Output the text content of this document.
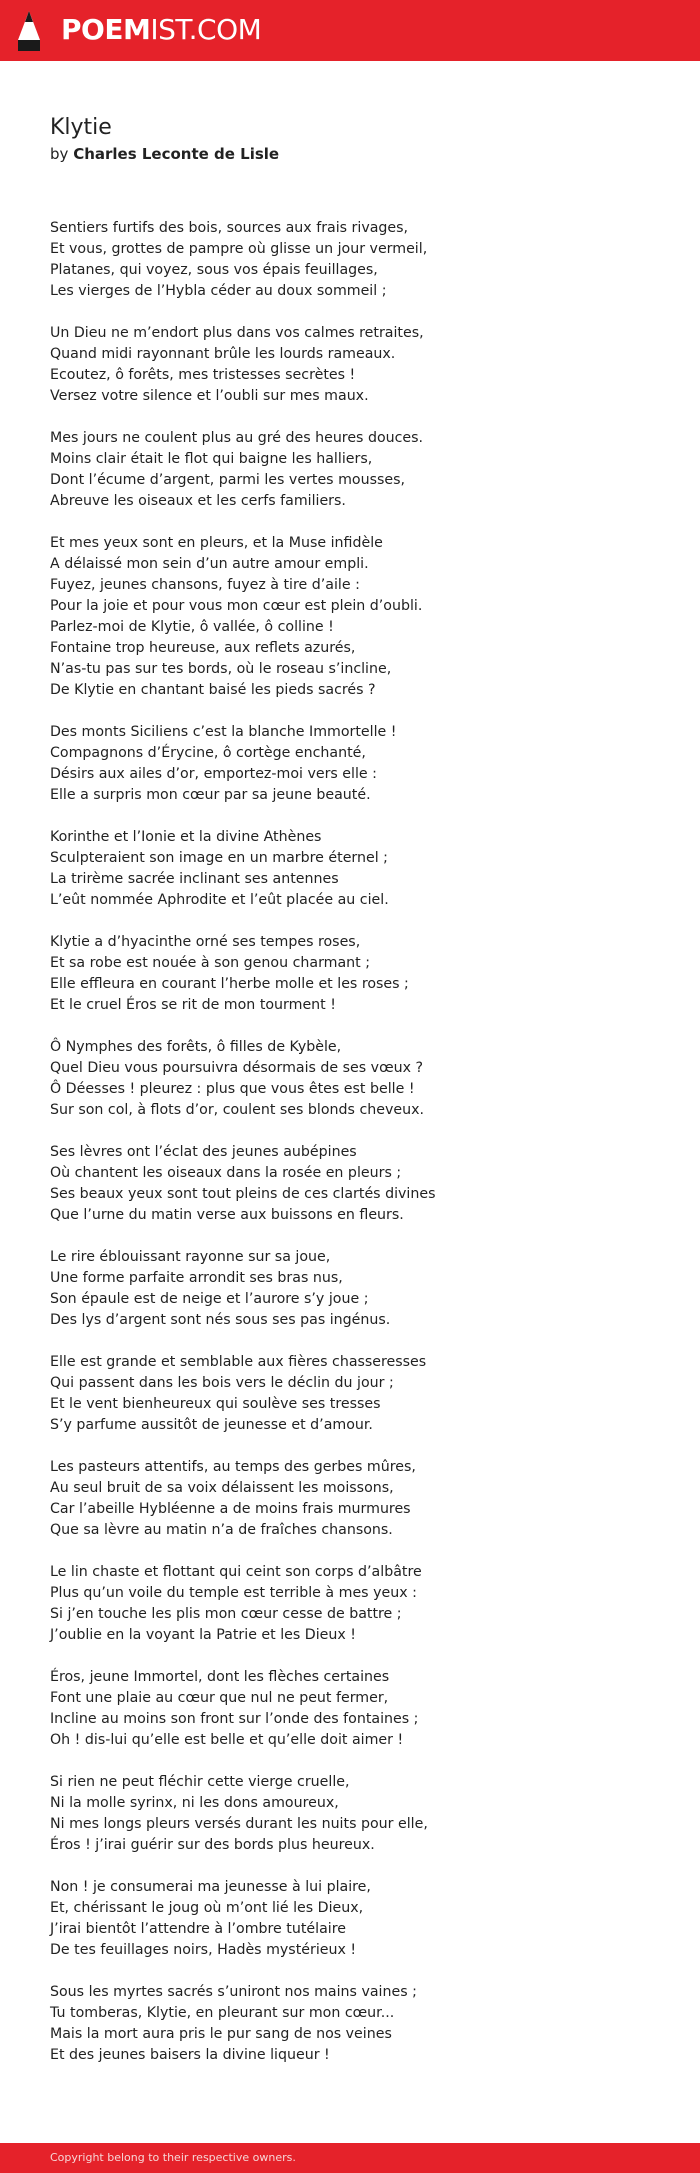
POEMIST.COM
Klytie

by Charles Leconte de Lisle

Sentiers furtifs des bois, sources aux frais rivages,
Et vous, grottes de pampre où glisse un jour vermeil,
Platanes, qui voyez, sous vos épais feuillages,
Les vierges de l’Hybla céder au doux sommeil ;

Un Dieu ne m’endort plus dans vos calmes retraites,
Quand midi rayonnant brûle les lourds rameaux.
Ecoutez, ô forêts, mes tristesses secrètes !
Versez votre silence et l’oubli sur mes maux.

Mes jours ne coulent plus au gré des heures douces.
Moins clair était le flot qui baigne les halliers,
Dont l’écume d’argent, parmi les vertes mousses,
Abreuve les oiseaux et les cerfs familiers.

Et mes yeux sont en pleurs, et la Muse infidèle
A délaissé mon sein d’un autre amour empli.
Fuyez, jeunes chansons, fuyez à tire d’aile :
Pour la joie et pour vous mon cœur est plein d’oubli.
Parlez-moi de Klytie, ô vallée, ô colline !
Fontaine trop heureuse, aux reflets azurés,
N’as-tu pas sur tes bords, où le roseau s’incline,
De Klytie en chantant baisé les pieds sacrés ?

Des monts Siciliens c’est la blanche Immortelle !
Compagnons d’Érycine, ô cortège enchanté,
Désirs aux ailes d’or, emportez-moi vers elle :
Elle a surpris mon cœur par sa jeune beauté.

Korinthe et l’Ionie et la divine Athènes
Sculpteraient son image en un marbre éternel ;
La trirème sacrée inclinant ses antennes
L’eût nommée Aphrodite et l’eût placée au ciel.

Klytie a d’hyacinthe orné ses tempes roses,
Et sa robe est nouée à son genou charmant ;
Elle effleura en courant l’herbe molle et les roses ;
Et le cruel Éros se rit de mon tourment !

Ô Nymphes des forêts, ô filles de Kybèle,
Quel Dieu vous poursuivra désormais de ses vœux ?
Ô Déesses ! pleurez : plus que vous êtes est belle !
Sur son col, à flots d’or, coulent ses blonds cheveux.

Ses lèvres ont l’éclat des jeunes aubépines
Où chantent les oiseaux dans la rosée en pleurs ;
Ses beaux yeux sont tout pleins de ces clartés divines
Que l’urne du matin verse aux buissons en fleurs.

Le rire éblouissant rayonne sur sa joue,
Une forme parfaite arrondit ses bras nus,
Son épaule est de neige et l’aurore s’y joue ;
Des lys d’argent sont nés sous ses pas ingénus.

Elle est grande et semblable aux fières chasseresses
Qui passent dans les bois vers le déclin du jour ;
Et le vent bienheureux qui soulève ses tresses
S’y parfume aussitôt de jeunesse et d’amour.

Les pasteurs attentifs, au temps des gerbes mûres,
Au seul bruit de sa voix délaissent les moissons,
Car l’abeille Hybléenne a de moins frais murmures
Que sa lèvre au matin n’a de fraîches chansons.

Le lin chaste et flottant qui ceint son corps d’albâtre
Plus qu’un voile du temple est terrible à mes yeux :
Si j’en touche les plis mon cœur cesse de battre ;
J’oublie en la voyant la Patrie et les Dieux !

Éros, jeune Immortel, dont les flèches certaines
Font une plaie au cœur que nul ne peut fermer,
Incline au moins son front sur l’onde des fontaines ;
Oh ! dis-lui qu’elle est belle et qu’elle doit aimer !

Si rien ne peut fléchir cette vierge cruelle,
Ni la molle syrinx, ni les dons amoureux,
Ni mes longs pleurs versés durant les nuits pour elle,
Éros ! j’irai guérir sur des bords plus heureux.

Non ! je consumerai ma jeunesse à lui plaire,
Et, chérissant le joug où m’ont lié les Dieux,
J’irai bientôt l’attendre à l’ombre tutélaire
De tes feuillages noirs, Hadès mystérieux !

Sous les myrtes sacrés s’uniront nos mains vaines ;
Tu tomberas, Klytie, en pleurant sur mon cœur...
Mais la mort aura pris le pur sang de nos veines
Et des jeunes baisers la divine liqueur !

Copyright belong to their respective owners.
